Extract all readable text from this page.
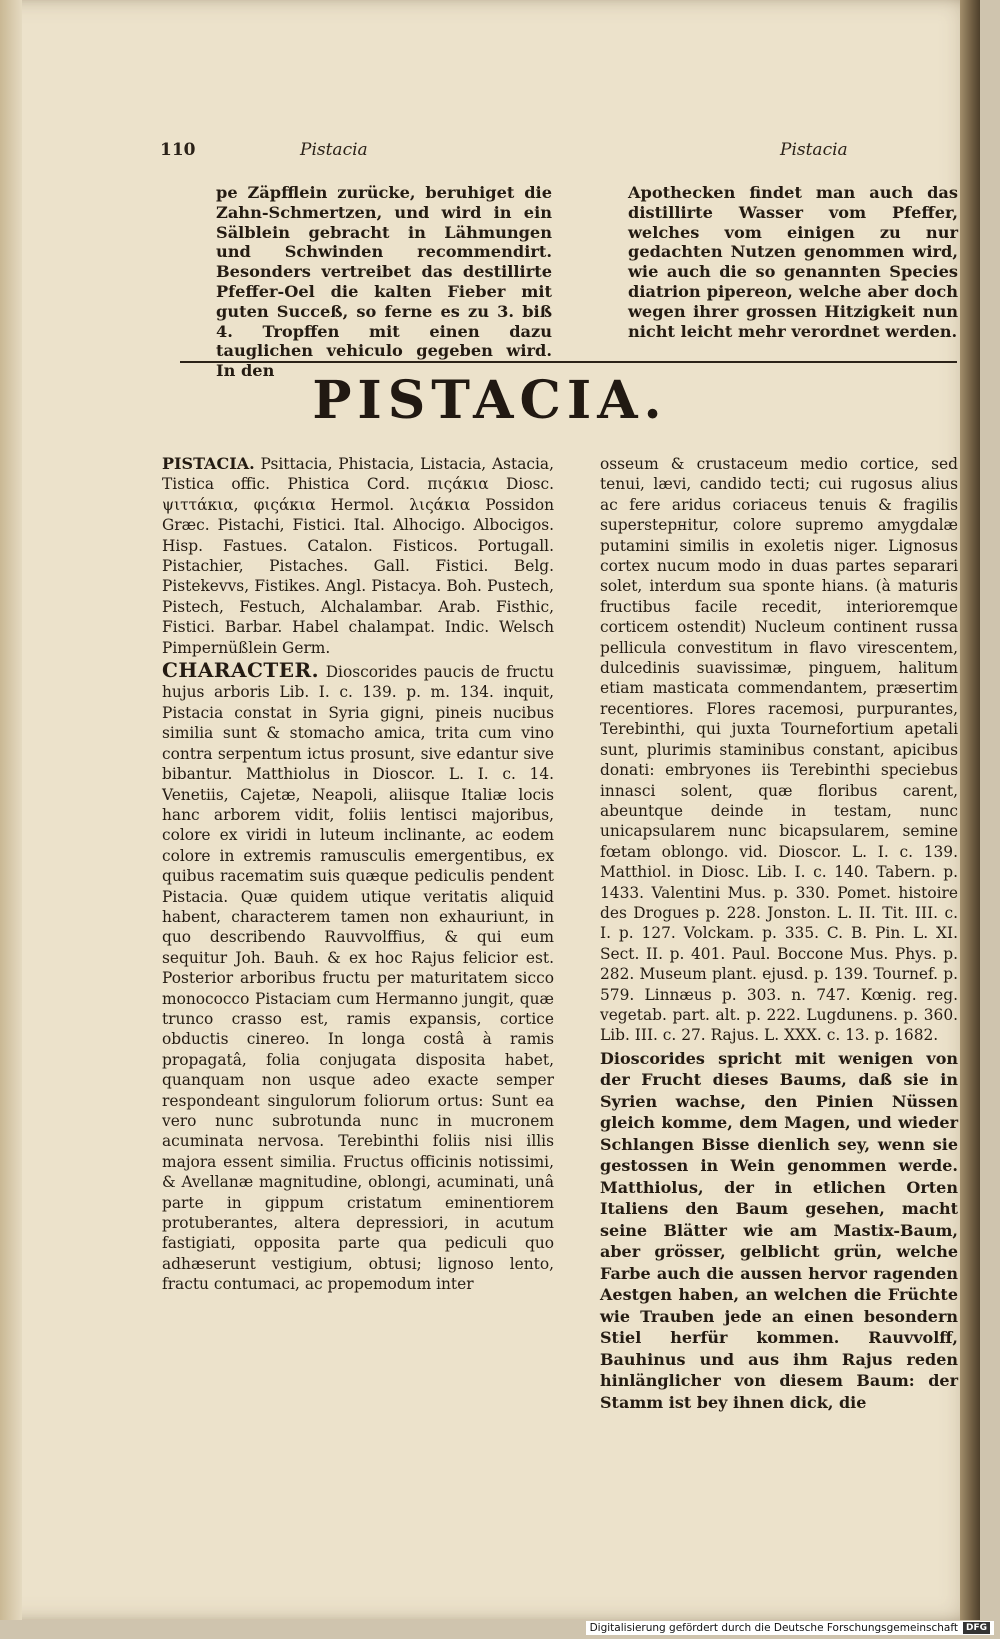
110	Pistacia	Pistacia

pe Zäpfflein zurücke, beruhiget die Zahn-Schmertzen, und wird in ein Sälblein gebracht in Lähmungen und Schwinden recommendirt. Besonders vertreibet das destillirte Pfeffer-Oel die kalten Fieber mit guten Succeß, so ferne es zu 3. biß 4. Tropffen mit einen dazu tauglichen vehiculo gegeben wird. In den

Apothecken findet man auch das distillirte Wasser vom Pfeffer, welches vom einigen zu nur gedachten Nutzen genommen wird, wie auch die so genannten Species diatrion pipereon, welche aber doch wegen ihrer grossen Hitzigkeit nun nicht leicht mehr verordnet werden.

PISTACIA.

PISTACIA. Psittacia, Phistacia, Listacia, Astacia, Tistica offic. Phistica Cord. πιςάκια Diosc. ψιττάκια, φιςάκια Hermol. λιςάκια Possidon Græc. Pistachi, Fistici. Ital. Alhocigo. Albocigos. Hisp. Fastues. Catalon. Fisticos. Portugall. Pistachier, Pistaches. Gall. Fistici. Belg. Pistekevvs, Fistikes. Angl. Pistacya. Boh. Pustech, Pistech, Festuch, Alchalambar. Arab. Fisthic, Fistici. Barbar. Habel chalampat. Indic. Welsch Pimpernüßlein Germ.

CHARACTER. Dioscorides paucis de fructu hujus arboris Lib. I. c. 139. p. m. 134. inquit, Pistacia constat in Syria gigni, pineis nucibus similia sunt & stomacho amica, trita cum vino contra serpentum ictus prosunt, sive edantur sive bibantur. Matthiolus in Dioscor. L. I. c. 14. Venetiis, Cajetæ, Neapoli, aliisque Italiæ locis hanc arborem vidit, foliis lentisci majoribus, colore ex viridi in luteum inclinante, ac eodem colore in extremis ramusculis emergentibus, ex quibus racematim suis quæque pediculis pendent Pistacia. Quæ quidem utique veritatis aliquid habent, characterem tamen non exhauriunt, in quo describendo Rauvvolffius, & qui eum sequitur Joh. Bauh. & ex hoc Rajus felicior est. Posterior arboribus fructu per maturitatem sicco monococco Pistaciam cum Hermanno jungit, quæ trunco crasso est, ramis expansis, cortice obductis cinereo. In longa costâ à ramis propagatâ, folia conjugata disposita habet, quanquam non usque adeo exacte semper respondeant singulorum foliorum ortus: Sunt ea vero nunc subrotunda nunc in mucronem acuminata nervosa. Terebinthi foliis nisi illis majora essent similia. Fructus officinis notissimi, & Avellanæ magnitudine, oblongi, acuminati, unâ parte in gippum cristatum eminentiorem protuberantes, altera depressiori, in acutum fastigiati, opposita parte qua pediculi quo adhæserunt vestigium, obtusi; lignoso lento, fractu contumaci, ac propemodum inter

osseum & crustaceum medio cortice, sed tenui, lævi, candido tecti; cui rugosus alius ac fere aridus coriaceus tenuis & fragilis superstернitur, colore supremo amygdalæ putamini similis in exoletis niger. Lignosus cortex nucum modo in duas partes separari solet, interdum sua sponte hians. (à maturis fructibus facile recedit, interioremque corticem ostendit) Nucleum continent russa pellicula convestitum in flavo virescentem, dulcedinis suavissimæ, pinguem, halitum etiam masticata commendantem, præsertim recentiores. Flores racemosi, purpurantes, Terebinthi, qui juxta Tournefortium apetali sunt, plurimis staminibus constant, apicibus donati: embryones iis Terebinthi speciebus innasci solent, quæ floribus carent, abeuntque deinde in testam, nunc unicapsularem nunc bicapsularem, semine fœtam oblongo. vid. Dioscor. L. I. c. 139. Matthiol. in Diosc. Lib. I. c. 140. Tabern. p. 1433. Valentini Mus. p. 330. Pomet. histoire des Drogues p. 228. Jonston. L. II. Tit. III. c. I. p. 127. Volckam. p. 335. C. B. Pin. L. XI. Sect. II. p. 401. Paul. Boccone Mus. Phys. p. 282. Museum plant. ejusd. p. 139. Tournef. p. 579. Linnæus p. 303. n. 747. Kœnig. reg. vegetab. part. alt. p. 222. Lugdunens. p. 360. Lib. III. c. 27. Rajus. L. XXX. c. 13. p. 1682.

Dioscorides spricht mit wenigen von der Frucht dieses Baums, daß sie in Syrien wachse, den Pinien Nüssen gleich komme, dem Magen, und wieder Schlangen Bisse dienlich sey, wenn sie gestossen in Wein genommen werde. Matthiolus, der in etlichen Orten Italiens den Baum gesehen, macht seine Blätter wie am Mastix-Baum, aber grösser, gelblicht grün, welche Farbe auch die aussen hervor ragenden Aestgen haben, an welchen die Früchte wie Trauben jede an einen besondern Stiel herfür kommen. Rauvvolff, Bauhinus und aus ihm Rajus reden hinlänglicher von diesem Baum: der Stamm ist bey ihnen dick, die

Digitalisierung gefördert durch die Deutsche Forschungsgemeinschaft DFG
